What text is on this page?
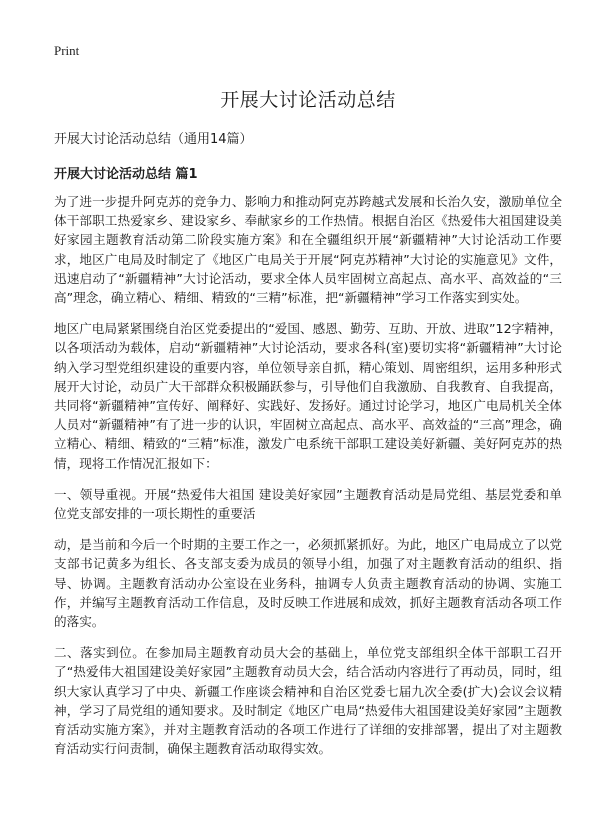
Print
开展大讨论活动总结
开展大讨论活动总结（通用14篇）
开展大讨论活动总结 篇1

为了进一步提升阿克苏的竞争力、影响力和推动阿克苏跨越式发展和长治久安，激励单位全体干部职工热爱家乡、建设家乡、奉献家乡的工作热情。根据自治区《热爱伟大祖国建设美好家园主题教育活动第二阶段实施方案》和在全疆组织开展“新疆精神”大讨论活动工作要求，地区广电局及时制定了《地区广电局关于开展“阿克苏精神”大讨论的实施意见》文件，迅速启动了“新疆精神”大讨论活动，要求全体人员牢固树立高起点、高水平、高效益的“三高”理念，确立精心、精细、精致的“三精”标准，把“新疆精神”学习工作落实到实处。

地区广电局紧紧围绕自治区党委提出的“爱国、感恩、勤劳、互助、开放、进取”12字精神，以各项活动为载体，启动“新疆精神”大讨论活动，要求各科(室)要切实将“新疆精神”大讨论纳入学习型党组织建设的重要内容，单位领导亲自抓，精心策划、周密组织，运用多种形式展开大讨论，动员广大干部群众积极踊跃参与，引导他们自我激励、自我教育、自我提高，共同将“新疆精神”宣传好、阐释好、实践好、发扬好。通过讨论学习，地区广电局机关全体人员对“新疆精神”有了进一步的认识，牢固树立高起点、高水平、高效益的“三高”理念，确立精心、精细、精致的“三精”标准，激发广电系统干部职工建设美好新疆、美好阿克苏的热情，现将工作情况汇报如下：

一、领导重视。开展“热爱伟大祖国 建设美好家园”主题教育活动是局党组、基层党委和单位党支部安排的一项长期性的重要活

动，是当前和今后一个时期的主要工作之一，必须抓紧抓好。为此，地区广电局成立了以党支部书记黄多为组长、各支部支委为成员的领导小组，加强了对主题教育活动的组织、指导、协调。主题教育活动办公室设在业务科，抽调专人负责主题教育活动的协调、实施工作，并编写主题教育活动工作信息，及时反映工作进展和成效，抓好主题教育活动各项工作的落实。

二、落实到位。在参加局主题教育动员大会的基础上，单位党支部组织全体干部职工召开了“热爱伟大祖国建设美好家园”主题教育动员大会，结合活动内容进行了再动员，同时，组织大家认真学习了中央、新疆工作座谈会精神和自治区党委七届九次全委(扩大)会议会议精神，学习了局党组的通知要求。及时制定《地区广电局“热爱伟大祖国建设美好家园”主题教育活动实施方案》，并对主题教育活动的各项工作进行了详细的安排部署，提出了对主题教育活动实行问责制，确保主题教育活动取得实效。
